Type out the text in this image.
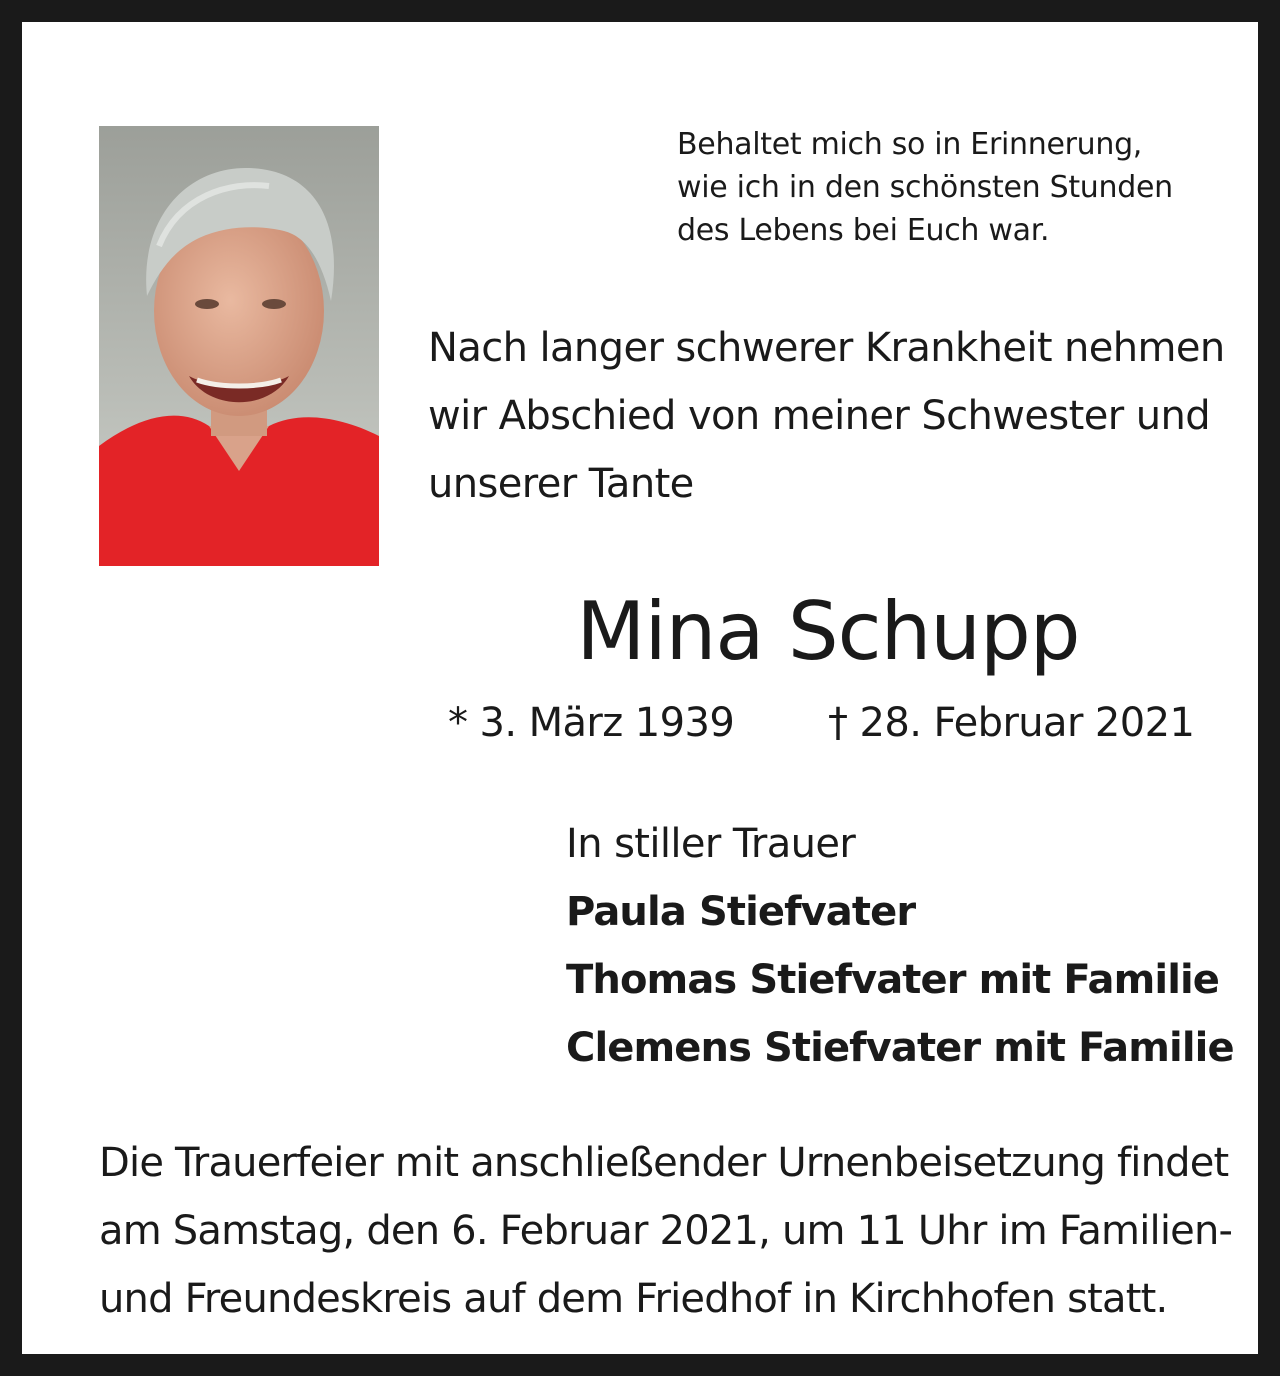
Behaltet mich so in Erinnerung,
wie ich in den schönsten Stunden
des Lebens bei Euch war.
Nach langer schwerer Krankheit nehmen
wir Abschied von meiner Schwester und
unserer Tante
Mina Schupp
* 3. März 1939 † 28. Februar 2021
In stiller Trauer
Paula Stiefvater
Thomas Stiefvater mit Familie
Clemens Stiefvater mit Familie
Die Trauerfeier mit anschließender Urnenbeisetzung findet
am Samstag, den 6. Februar 2021, um 11 Uhr im Familien-
und Freundeskreis auf dem Friedhof in Kirchhofen statt.
